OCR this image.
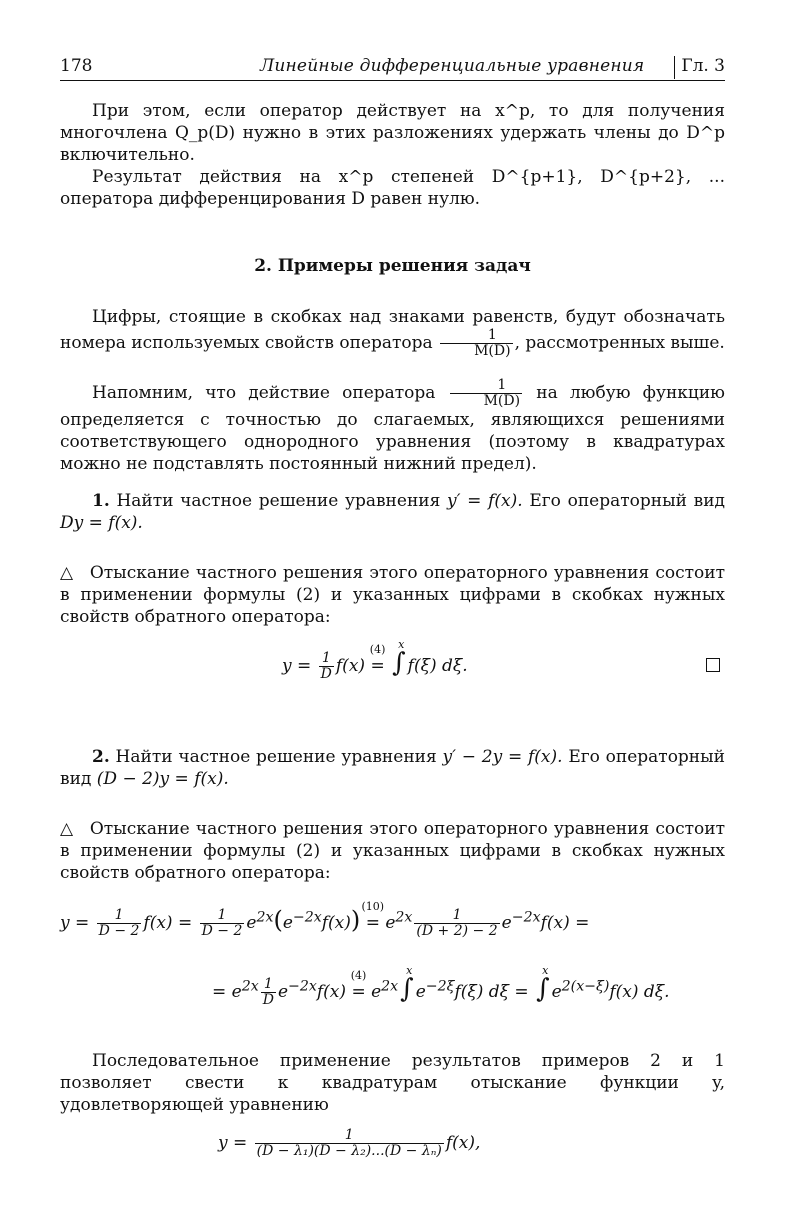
178	Линейные дифференциальные уравнения	Гл. 3

При этом, если оператор действует на x^p, то для получения многочлена Q_p(D) нужно в этих разложениях удержать члены до D^p включительно.

Результат действия на x^p степеней D^{p+1}, D^{p+2}, ... оператора дифференцирования D равен нулю.

2. Примеры решения задач

Цифры, стоящие в скобках над знаками равенств, будут обозначать номера используемых свойств оператора $\frac{1}{M(D)}$ , рассмотренных выше.

Напомним, что действие оператора $\frac{1}{M(D)}$ на любую функцию определяется с точностью до слагаемых, являющихся решениями соответствующего однородного уравнения (поэтому в квадратурах можно не подставлять постоянный нижний предел).

1. Найти частное решение уравнения y′ = f(x). Его операторный вид Dy = f(x).

△ Отыскание частного решения этого операторного уравнения состоит в применении формулы (2) и указанных цифрами в скобках нужных свойств обратного оператора:

$y = \frac{1}{D} f(x)$
(4)
= ∫
x
f(ξ) dξ.

2. Найти частное решение уравнения y′ − 2y = f(x). Его операторный вид (D − 2)y = f(x).

△ Отыскание частного решения этого операторного уравнения состоит в применении формулы (2) и указанных цифрами в скобках нужных свойств обратного оператора:

$y = \frac{1}{D - 2} f(x) = \frac{1}{D - 2} e^{2x}(e^{-2x}f(x))$ (10)
= $e^{2x} \frac{1}{(D + 2) - 2} e^{-2x}f(x)$ =
= $e^{2x} \frac{1}{D} e^{-2x}f(x)$
(4)
= $e^{2x}\int$
x
$e^{-2\xi}f(\xi) d\xi$ = ∫
x
$e^{2(x-\xi)}f(x)$ dξ.

Последовательное применение результатов примеров 2 и 1 позволяет свести к квадратурам отыскание функции y, удовлетворяющей уравнению

$y = \frac{1}{\text{(D − λ₁)(D − λ₂)...(D − λₙ)}} f(x)$,
